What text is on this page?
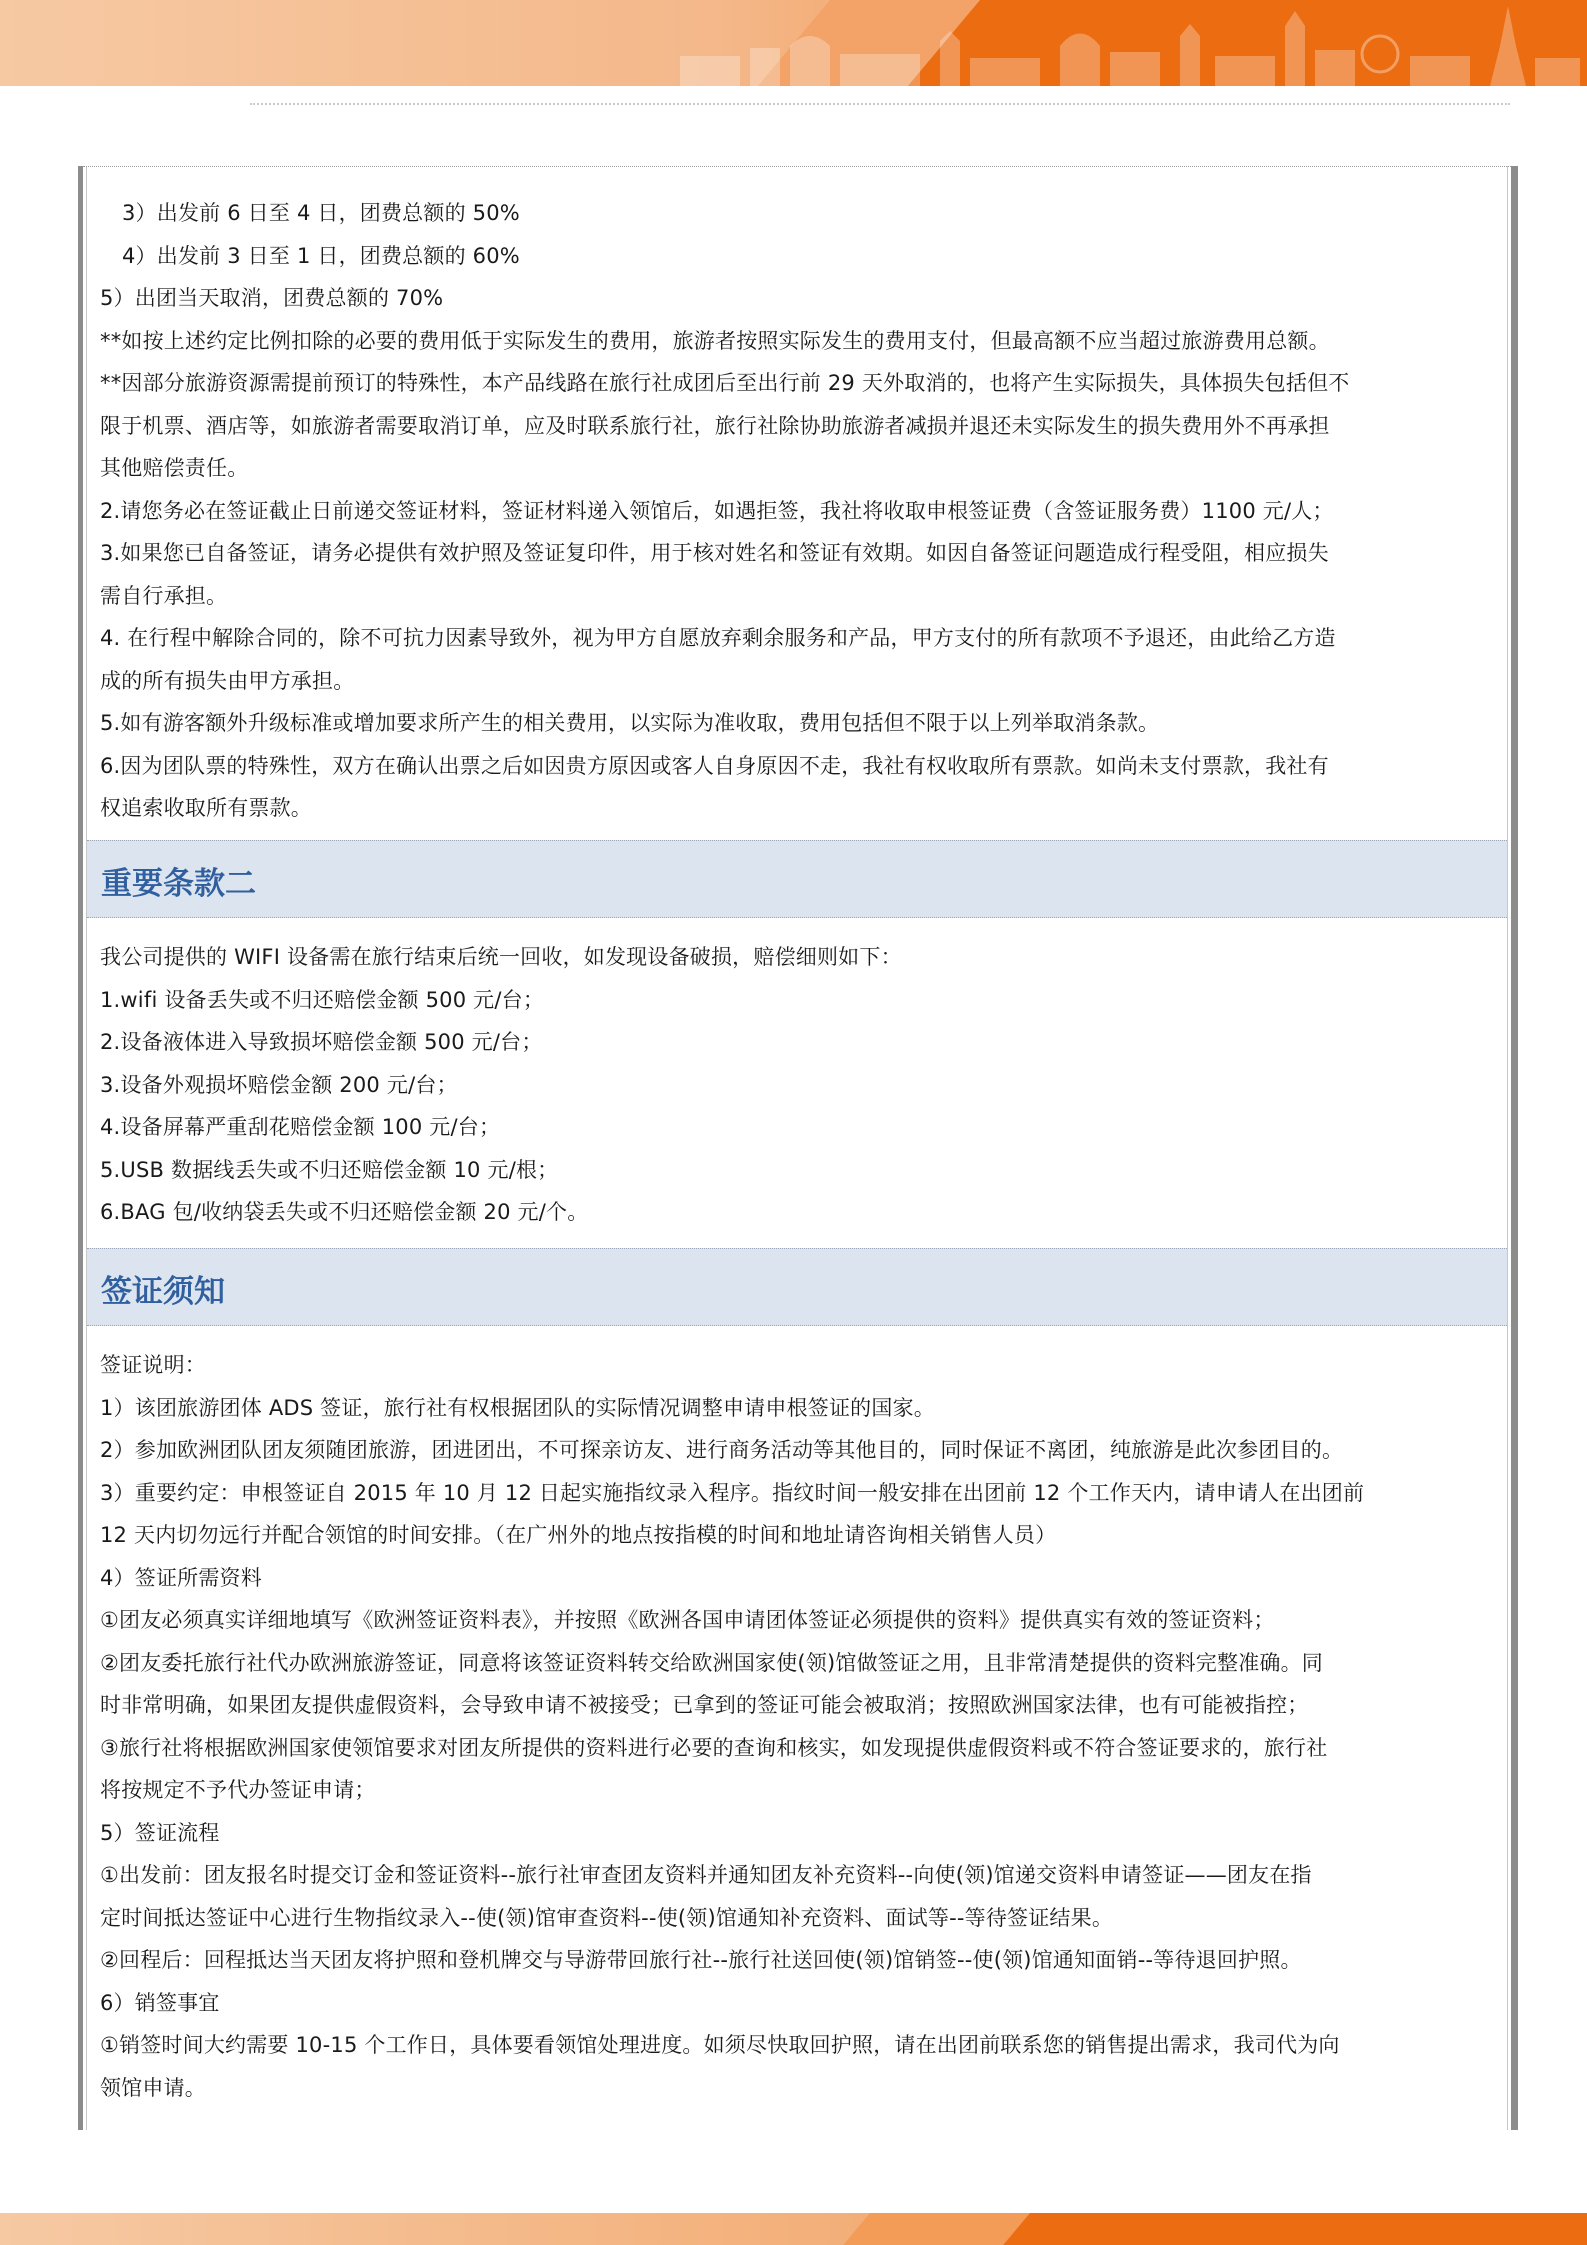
3）出发前 6 日至 4 日，团费总额的 50%
4）出发前 3 日至 1 日，团费总额的 60%
5）出团当天取消，团费总额的 70%
**如按上述约定比例扣除的必要的费用低于实际发生的费用，旅游者按照实际发生的费用支付，但最高额不应当超过旅游费用总额。
**因部分旅游资源需提前预订的特殊性，本产品线路在旅行社成团后至出行前 29 天外取消的，也将产生实际损失，具体损失包括但不
限于机票、酒店等，如旅游者需要取消订单，应及时联系旅行社，旅行社除协助旅游者减损并退还未实际发生的损失费用外不再承担
其他赔偿责任。
2.请您务必在签证截止日前递交签证材料，签证材料递入领馆后，如遇拒签，我社将收取申根签证费（含签证服务费）1100 元/人；
3.如果您已自备签证，请务必提供有效护照及签证复印件，用于核对姓名和签证有效期。如因自备签证问题造成行程受阻，相应损失
需自行承担。
4. 在行程中解除合同的，除不可抗力因素导致外，视为甲方自愿放弃剩余服务和产品，甲方支付的所有款项不予退还，由此给乙方造
成的所有损失由甲方承担。
5.如有游客额外升级标准或增加要求所产生的相关费用，以实际为准收取，费用包括但不限于以上列举取消条款。
6.因为团队票的特殊性，双方在确认出票之后如因贵方原因或客人自身原因不走，我社有权收取所有票款。如尚未支付票款，我社有
权追索收取所有票款。
重要条款二
我公司提供的 WIFI 设备需在旅行结束后统一回收，如发现设备破损，赔偿细则如下：
1.wifi 设备丢失或不归还赔偿金额 500 元/台；
2.设备液体进入导致损坏赔偿金额 500 元/台；
3.设备外观损坏赔偿金额 200 元/台；
4.设备屏幕严重刮花赔偿金额 100 元/台；
5.USB 数据线丢失或不归还赔偿金额 10 元/根；
6.BAG 包/收纳袋丢失或不归还赔偿金额 20 元/个。
签证须知
签证说明：
1）该团旅游团体 ADS 签证，旅行社有权根据团队的实际情况调整申请申根签证的国家。
2）参加欧洲团队团友须随团旅游，团进团出，不可探亲访友、进行商务活动等其他目的，同时保证不离团，纯旅游是此次参团目的。
3）重要约定：申根签证自 2015 年 10 月 12 日起实施指纹录入程序。指纹时间一般安排在出团前 12 个工作天内，请申请人在出团前
12 天内切勿远行并配合领馆的时间安排。（在广州外的地点按指模的时间和地址请咨询相关销售人员）
4）签证所需资料
①团友必须真实详细地填写《欧洲签证资料表》，并按照《欧洲各国申请团体签证必须提供的资料》提供真实有效的签证资料；
②团友委托旅行社代办欧洲旅游签证，同意将该签证资料转交给欧洲国家使(领)馆做签证之用，且非常清楚提供的资料完整准确。同
时非常明确，如果团友提供虚假资料，会导致申请不被接受；已拿到的签证可能会被取消；按照欧洲国家法律，也有可能被指控；
③旅行社将根据欧洲国家使领馆要求对团友所提供的资料进行必要的查询和核实，如发现提供虚假资料或不符合签证要求的，旅行社
将按规定不予代办签证申请；
5）签证流程
①出发前：团友报名时提交订金和签证资料--旅行社审查团友资料并通知团友补充资料--向使(领)馆递交资料申请签证——团友在指
定时间抵达签证中心进行生物指纹录入--使(领)馆审查资料--使(领)馆通知补充资料、面试等--等待签证结果。
②回程后：回程抵达当天团友将护照和登机牌交与导游带回旅行社--旅行社送回使(领)馆销签--使(领)馆通知面销--等待退回护照。
6）销签事宜
①销签时间大约需要 10-15 个工作日，具体要看领馆处理进度。如须尽快取回护照，请在出团前联系您的销售提出需求，我司代为向
领馆申请。
